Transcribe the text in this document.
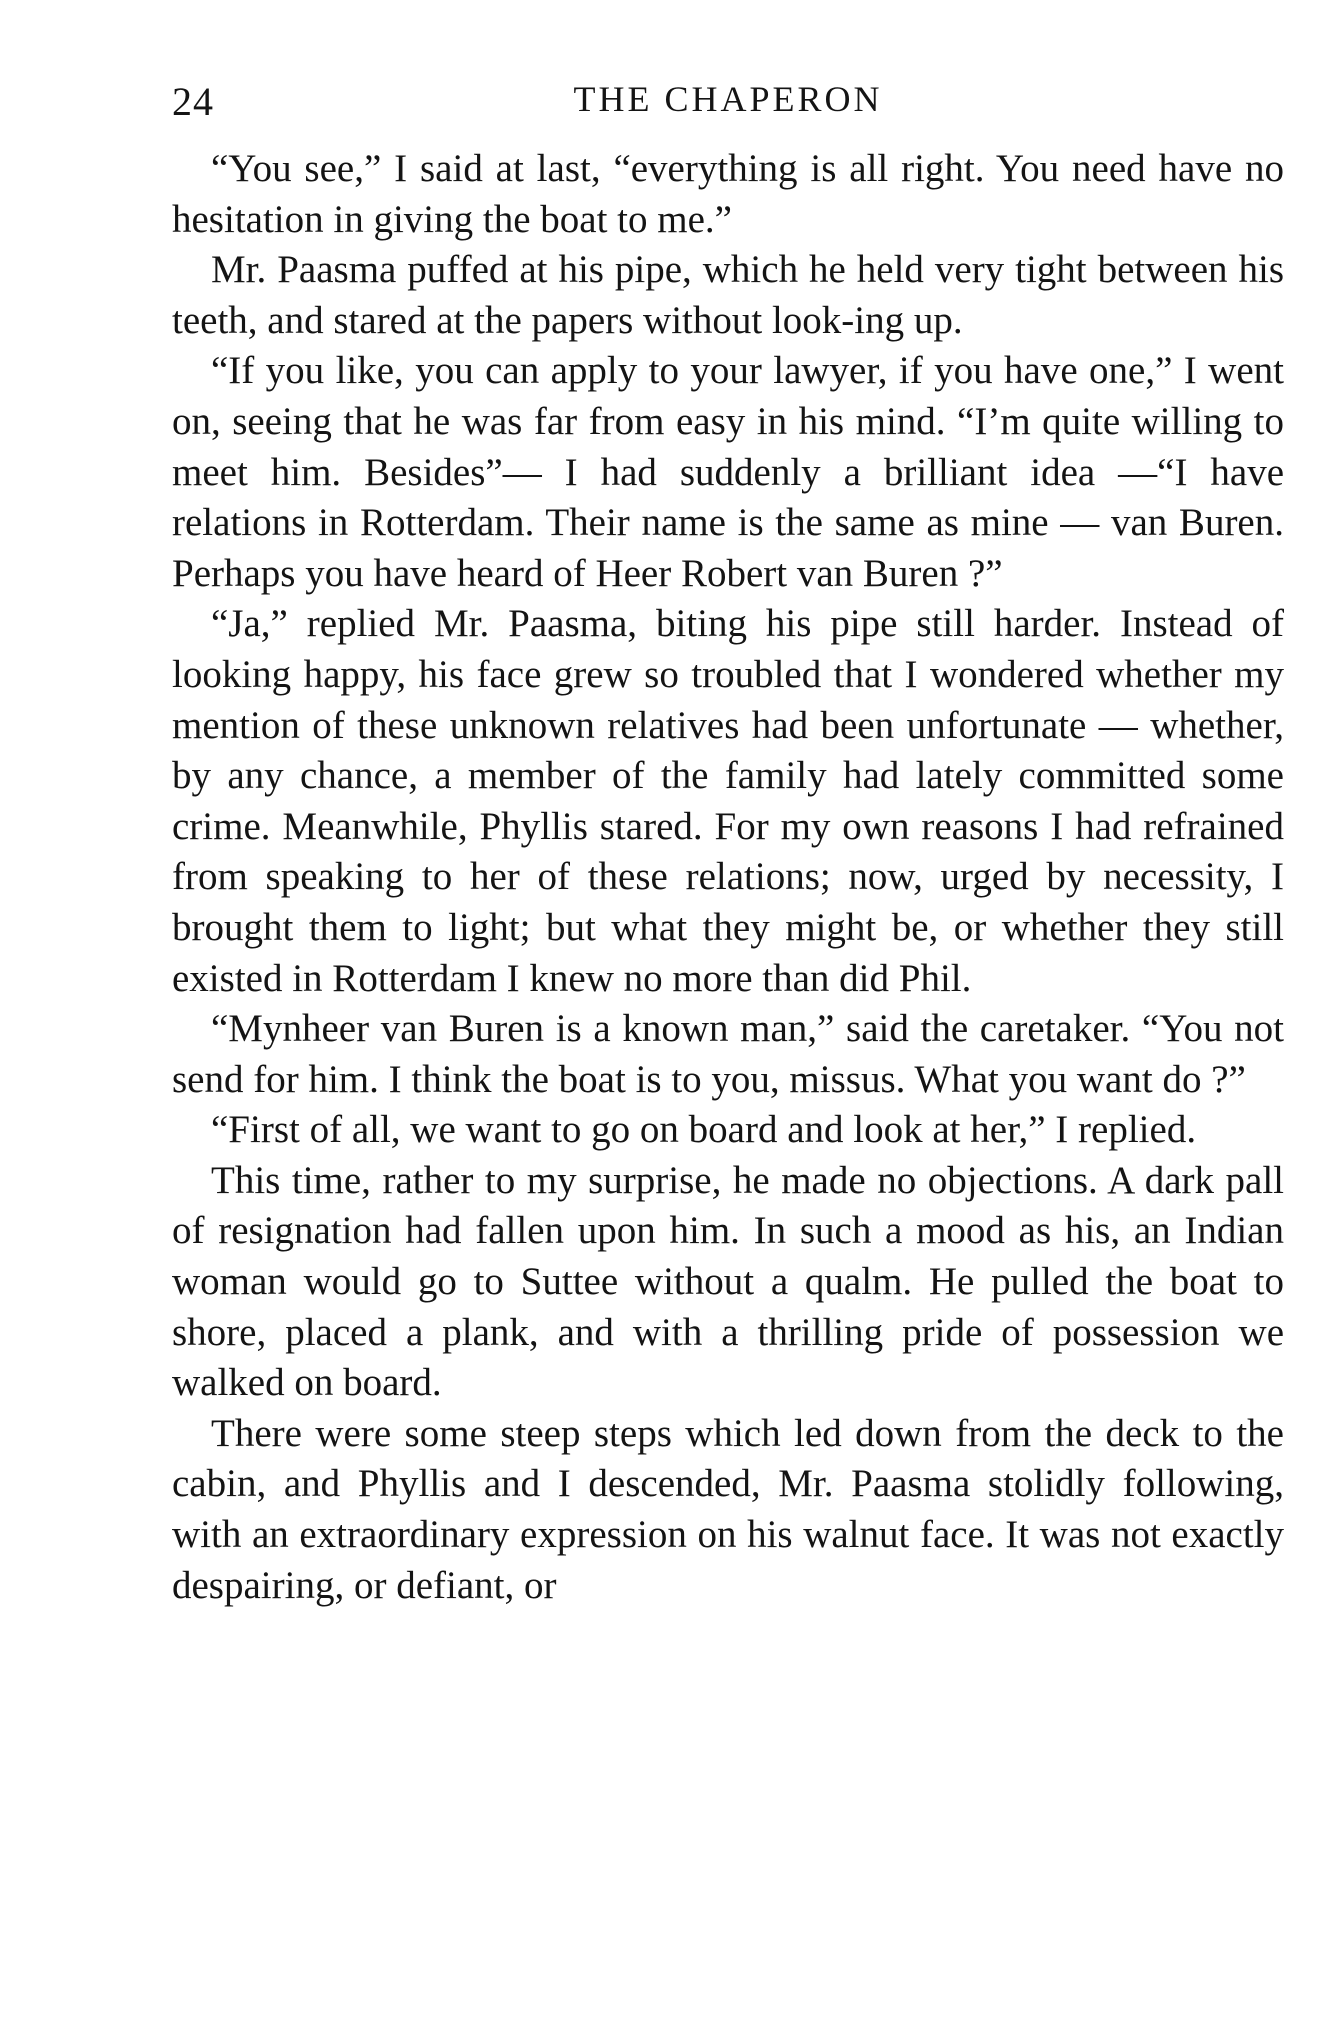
24	THE CHAPERON

“You see,” I said at last, “everything is all right. You need have no hesitation in giving the boat to me.”

Mr. Paasma puffed at his pipe, which he held very tight between his teeth, and stared at the papers without look-ing up.

“If you like, you can apply to your lawyer, if you have one,” I went on, seeing that he was far from easy in his mind. “I’m quite willing to meet him. Besides”— I had suddenly a brilliant idea —“I have relations in Rotterdam. Their name is the same as mine — van Buren. Perhaps you have heard of Heer Robert van Buren ?”

“Ja,” replied Mr. Paasma, biting his pipe still harder. Instead of looking happy, his face grew so troubled that I wondered whether my mention of these unknown relatives had been unfortunate — whether, by any chance, a member of the family had lately committed some crime. Meanwhile, Phyllis stared. For my own reasons I had refrained from speaking to her of these relations; now, urged by necessity, I brought them to light; but what they might be, or whether they still existed in Rotterdam I knew no more than did Phil.

“Mynheer van Buren is a known man,” said the caretaker. “You not send for him. I think the boat is to you, missus. What you want do ?”

“First of all, we want to go on board and look at her,” I replied.

This time, rather to my surprise, he made no objections. A dark pall of resignation had fallen upon him. In such a mood as his, an Indian woman would go to Suttee without a qualm. He pulled the boat to shore, placed a plank, and with a thrilling pride of possession we walked on board.

There were some steep steps which led down from the deck to the cabin, and Phyllis and I descended, Mr. Paasma stolidly following, with an extraordinary expression on his walnut face. It was not exactly despairing, or defiant, or
